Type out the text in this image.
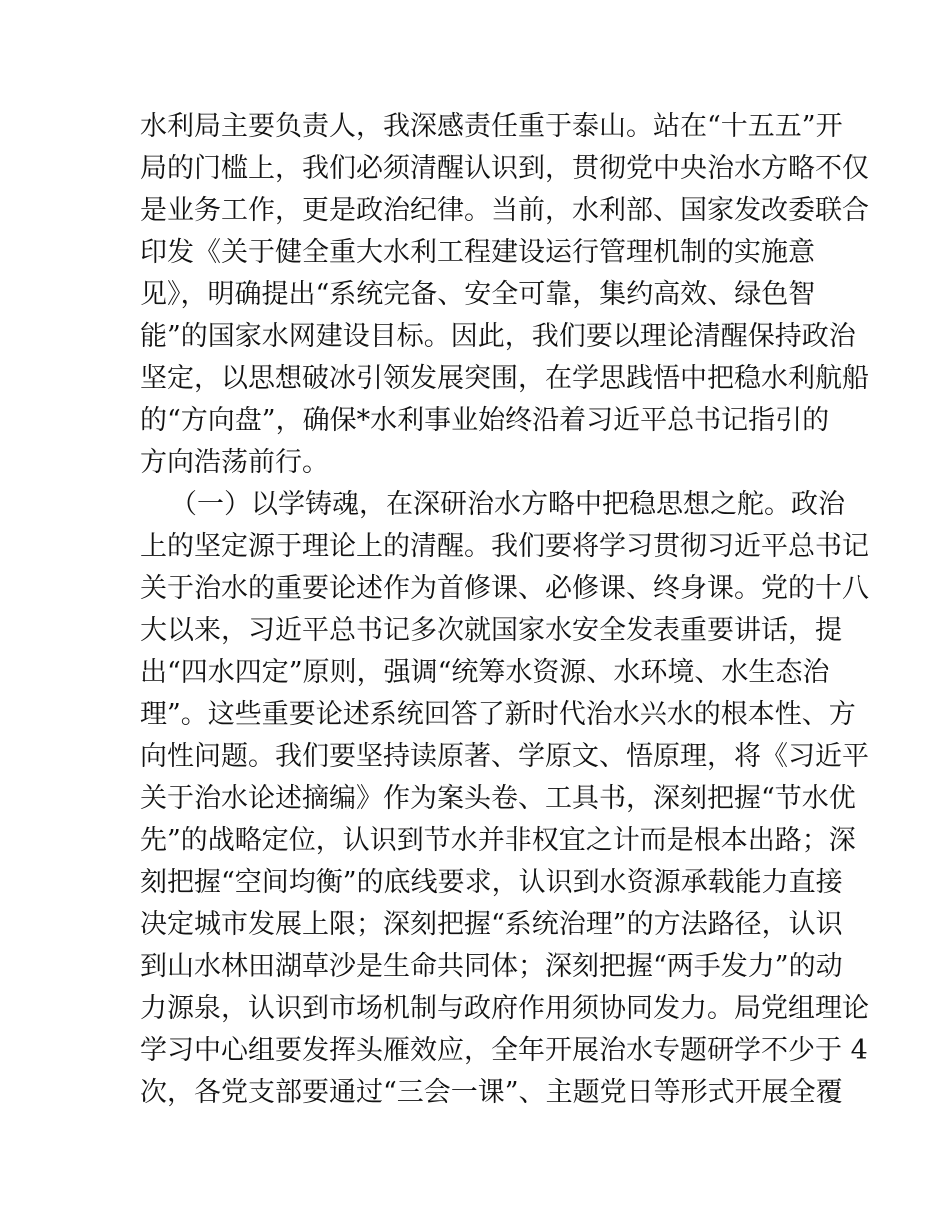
水利局主要负责人，我深感责任重于泰山。站在“十五五”开
局的门槛上，我们必须清醒认识到，贯彻党中央治水方略不仅
是业务工作，更是政治纪律。当前，水利部、国家发改委联合
印发《关于健全重大水利工程建设运行管理机制的实施意
见》，明确提出“系统完备、安全可靠，集约高效、绿色智
能”的国家水网建设目标。因此，我们要以理论清醒保持政治
坚定，以思想破冰引领发展突围，在学思践悟中把稳水利航船
的“方向盘”，确保*水利事业始终沿着习近平总书记指引的
方向浩荡前行。
（一）以学铸魂，在深研治水方略中把稳思想之舵。政治
上的坚定源于理论上的清醒。我们要将学习贯彻习近平总书记
关于治水的重要论述作为首修课、必修课、终身课。党的十八
大以来，习近平总书记多次就国家水安全发表重要讲话，提
出“四水四定”原则，强调“统筹水资源、水环境、水生态治
理”。这些重要论述系统回答了新时代治水兴水的根本性、方
向性问题。我们要坚持读原著、学原文、悟原理，将《习近平
关于治水论述摘编》作为案头卷、工具书，深刻把握“节水优
先”的战略定位，认识到节水并非权宜之计而是根本出路；深
刻把握“空间均衡”的底线要求，认识到水资源承载能力直接
决定城市发展上限；深刻把握“系统治理”的方法路径，认识
到山水林田湖草沙是生命共同体；深刻把握“两手发力”的动
力源泉，认识到市场机制与政府作用须协同发力。局党组理论
学习中心组要发挥头雁效应，全年开展治水专题研学不少于 4
次，各党支部要通过“三会一课”、主题党日等形式开展全覆
